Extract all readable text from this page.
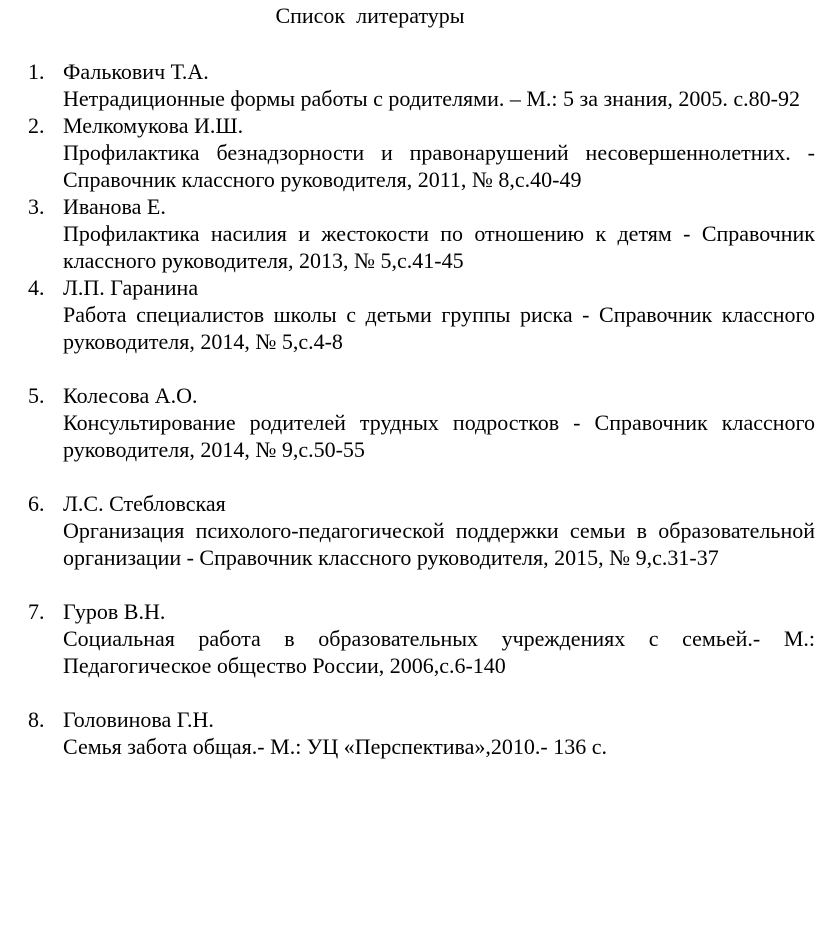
Список  литературы
1. Фалькович Т.А.
Нетрадиционные формы работы с родителями. – М.: 5 за знания, 2005. с.80-92
2. Мелкомукова И.Ш.
Профилактика безнадзорности и правонарушений несовершеннолетних. - Справочник классного руководителя, 2011, № 8,с.40-49
3. Иванова Е.
Профилактика насилия и жестокости по отношению к детям - Справочник классного руководителя, 2013, № 5,с.41-45
4. Л.П. Гаранина
Работа специалистов школы с детьми группы риска - Справочник классного руководителя, 2014, № 5,с.4-8
5. Колесова А.О.
Консультирование родителей трудных подростков - Справочник классного руководителя, 2014, № 9,с.50-55
6. Л.С. Стебловская
Организация психолого-педагогической поддержки семьи в образовательной организации - Справочник классного руководителя, 2015, № 9,с.31-37
7. Гуров В.Н.
Социальная работа в образовательных учреждениях с семьей.- М.: Педагогическое общество России, 2006,с.6-140
8. Головинова Г.Н.
Семья забота общая.- М.: УЦ «Перспектива»,2010.- 136 с.
